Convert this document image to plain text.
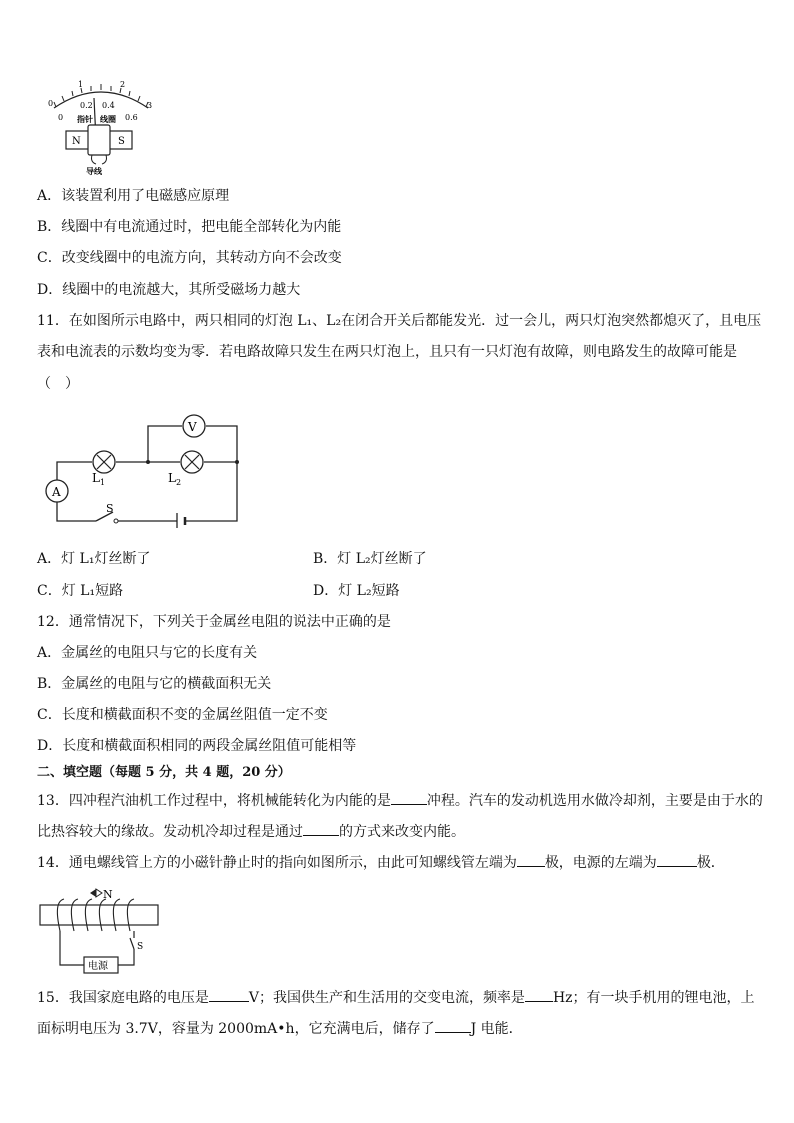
0
1	2
3
0
0.2 0.4
0.6
指针 线圈
N	S
导线
A．该装置利用了电磁感应原理
B．线圈中有电流通过时，把电能全部转化为内能
C．改变线圈中的电流方向，其转动方向不会改变
D．线圈中的电流越大，其所受磁场力越大
11．在如图所示电路中，两只相同的灯泡 L₁、L₂在闭合开关后都能发光．过一会儿，两只灯泡突然都熄灭了，且电压
表和电流表的示数均变为零．若电路故障只发生在两只灯泡上，且只有一只灯泡有故障，则电路发生的故障可能是
（　）
V
A
$L_1$	$L_2$
S
A．灯 L₁灯丝断了	B．灯 L₂灯丝断了
C．灯 L₁短路	D．灯 L₂短路
12．通常情况下，下列关于金属丝电阻的说法中正确的是
A．金属丝的电阻只与它的长度有关
B．金属丝的电阻与它的横截面积无关
C．长度和横截面积不变的金属丝阻值一定不变
D．长度和横截面积相同的两段金属丝阻值可能相等
二、填空题（每题 5 分，共 4 题，20 分）
13．四冲程汽油机工作过程中，将机械能转化为内能的是	冲程。汽车的发动机选用水做冷却剂，主要是由于水的
比热容较大的缘故。发动机冷却过程是通过	的方式来改变内能。
14．通电螺线管上方的小磁针静止时的指向如图所示，由此可知螺线管左端为 极，电源的左端为	极．
N
S
电源
15．我国家庭电路的电压是	V；我国供生产和生活用的交变电流，频率是 Hz；有一块手机用的锂电池，上
面标明电压为 3.7V，容量为 2000mA•h，它充满电后，储存了	J 电能．
